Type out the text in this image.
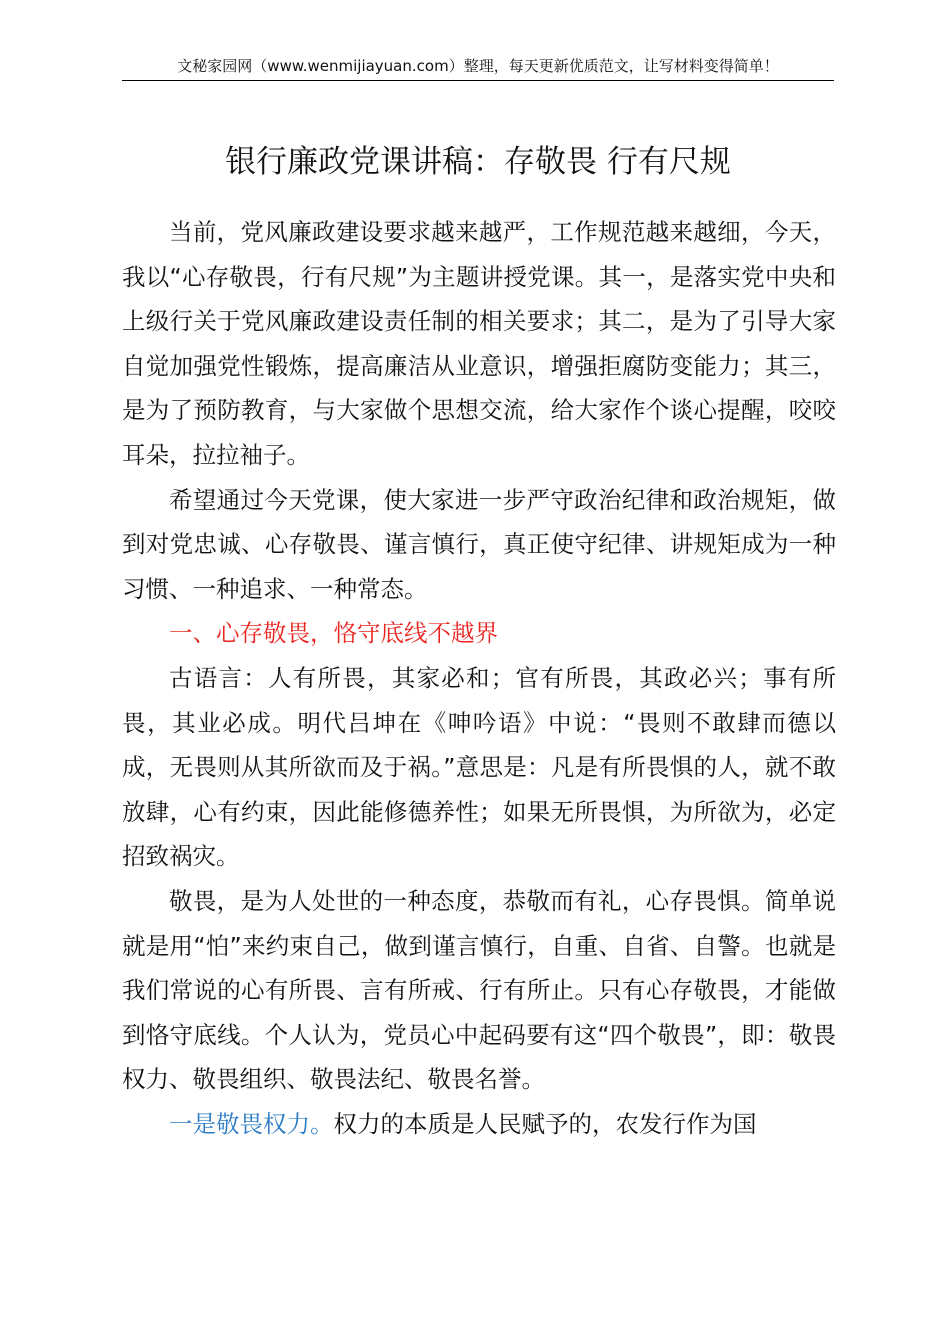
文秘家园网（www.wenmijiayuan.com）整理，每天更新优质范文，让写材料变得简单！
银行廉政党课讲稿：存敬畏 行有尺规

当前，党风廉政建设要求越来越严，工作规范越来越细，今天，我以“心存敬畏，行有尺规”为主题讲授党课。其一，是落实党中央和上级行关于党风廉政建设责任制的相关要求；其二，是为了引导大家自觉加强党性锻炼，提高廉洁从业意识，增强拒腐防变能力；其三，是为了预防教育，与大家做个思想交流，给大家作个谈心提醒，咬咬耳朵，拉拉袖子。

希望通过今天党课，使大家进一步严守政治纪律和政治规矩，做到对党忠诚、心存敬畏、谨言慎行，真正使守纪律、讲规矩成为一种习惯、一种追求、一种常态。

一、心存敬畏，恪守底线不越界

古语言：人有所畏，其家必和；官有所畏，其政必兴；事有所畏，其业必成。明代吕坤在《呻吟语》中说：“畏则不敢肆而德以成，无畏则从其所欲而及于祸。”意思是：凡是有所畏惧的人，就不敢放肆，心有约束，因此能修德养性；如果无所畏惧，为所欲为，必定招致祸灾。

敬畏，是为人处世的一种态度，恭敬而有礼，心存畏惧。简单说就是用“怕”来约束自己，做到谨言慎行，自重、自省、自警。也就是我们常说的心有所畏、言有所戒、行有所止。只有心存敬畏，才能做到恪守底线。个人认为，党员心中起码要有这“四个敬畏”，即：敬畏权力、敬畏组织、敬畏法纪、敬畏名誉。

一是敬畏权力。权力的本质是人民赋予的，农发行作为国
